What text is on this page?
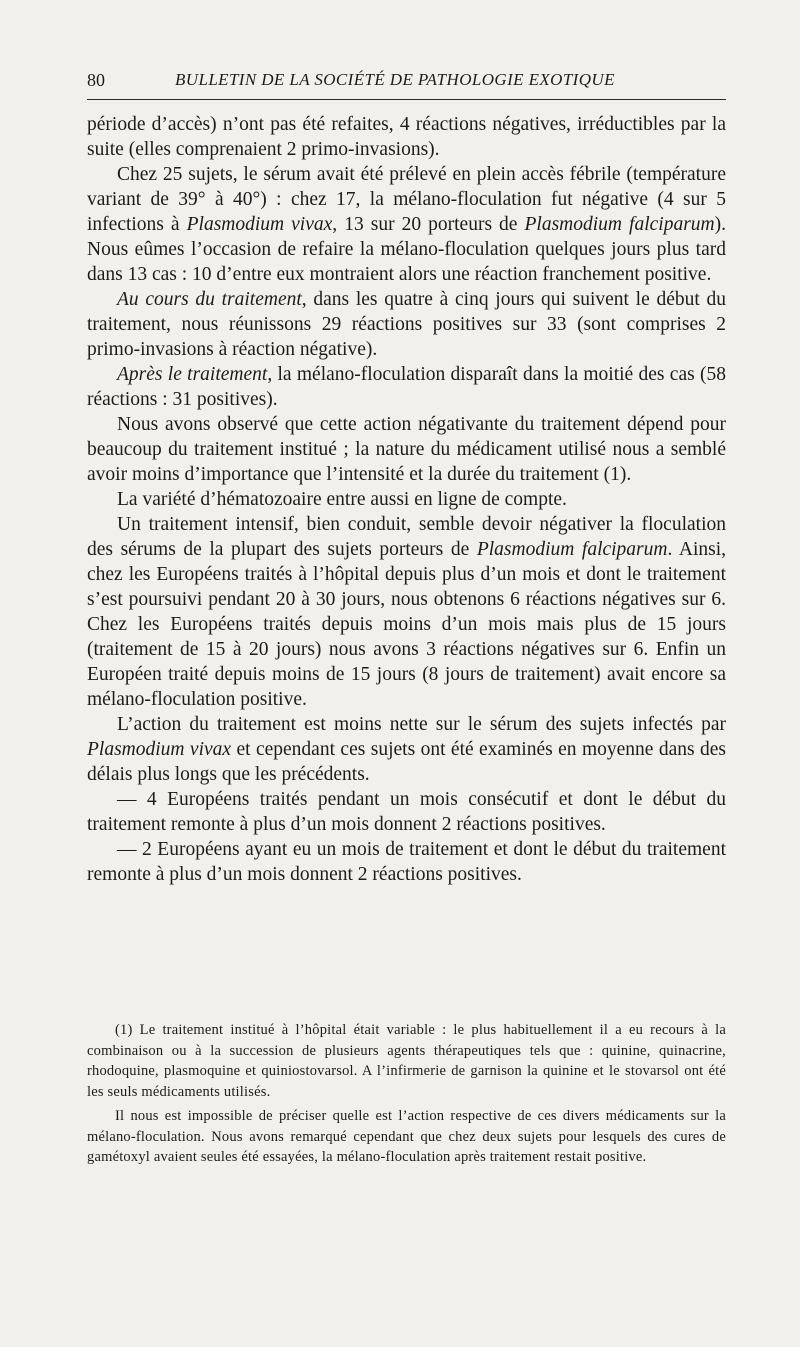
80	BULLETIN DE LA SOCIÉTÉ DE PATHOLOGIE EXOTIQUE

période d’accès) n’ont pas été refaites, 4 réactions négatives, irréductibles par la suite (elles comprenaient 2 primo-invasions).

Chez 25 sujets, le sérum avait été prélevé en plein accès fébrile (température variant de 39° à 40°) : chez 17, la mélano-floculation fut négative (4 sur 5 infections à Plasmodium vivax, 13 sur 20 porteurs de Plasmodium falciparum). Nous eûmes l’occasion de refaire la mélano-floculation quelques jours plus tard dans 13 cas : 10 d’entre eux montraient alors une réaction franchement positive.

Au cours du traitement, dans les quatre à cinq jours qui suivent le début du traitement, nous réunissons 29 réactions positives sur 33 (sont comprises 2 primo-invasions à réaction négative).

Après le traitement, la mélano-floculation disparaît dans la moitié des cas (58 réactions : 31 positives).

Nous avons observé que cette action négativante du traitement dépend pour beaucoup du traitement institué ; la nature du médicament utilisé nous a semblé avoir moins d’importance que l’intensité et la durée du traitement (1).

La variété d’hématozoaire entre aussi en ligne de compte.

Un traitement intensif, bien conduit, semble devoir négativer la floculation des sérums de la plupart des sujets porteurs de Plasmodium falciparum. Ainsi, chez les Européens traités à l’hôpital depuis plus d’un mois et dont le traitement s’est poursuivi pendant 20 à 30 jours, nous obtenons 6 réactions négatives sur 6. Chez les Européens traités depuis moins d’un mois mais plus de 15 jours (traitement de 15 à 20 jours) nous avons 3 réactions négatives sur 6. Enfin un Européen traité depuis moins de 15 jours (8 jours de traitement) avait encore sa mélano-floculation positive.

L’action du traitement est moins nette sur le sérum des sujets infectés par Plasmodium vivax et cependant ces sujets ont été examinés en moyenne dans des délais plus longs que les précédents.

— 4 Européens traités pendant un mois consécutif et dont le début du traitement remonte à plus d’un mois donnent 2 réactions positives.

— 2 Européens ayant eu un mois de traitement et dont le début du traitement remonte à plus d’un mois donnent 2 réactions positives.

(1) Le traitement institué à l’hôpital était variable : le plus habituellement il a eu recours à la combinaison ou à la succession de plusieurs agents thérapeutiques tels que : quinine, quinacrine, rhodoquine, plasmoquine et quiniostovarsol. A l’infirmerie de garnison la quinine et le stovarsol ont été les seuls médicaments utilisés.

Il nous est impossible de préciser quelle est l’action respective de ces divers médicaments sur la mélano-floculation. Nous avons remarqué cependant que chez deux sujets pour lesquels des cures de gamétoxyl avaient seules été essayées, la mélano-floculation après traitement restait positive.
